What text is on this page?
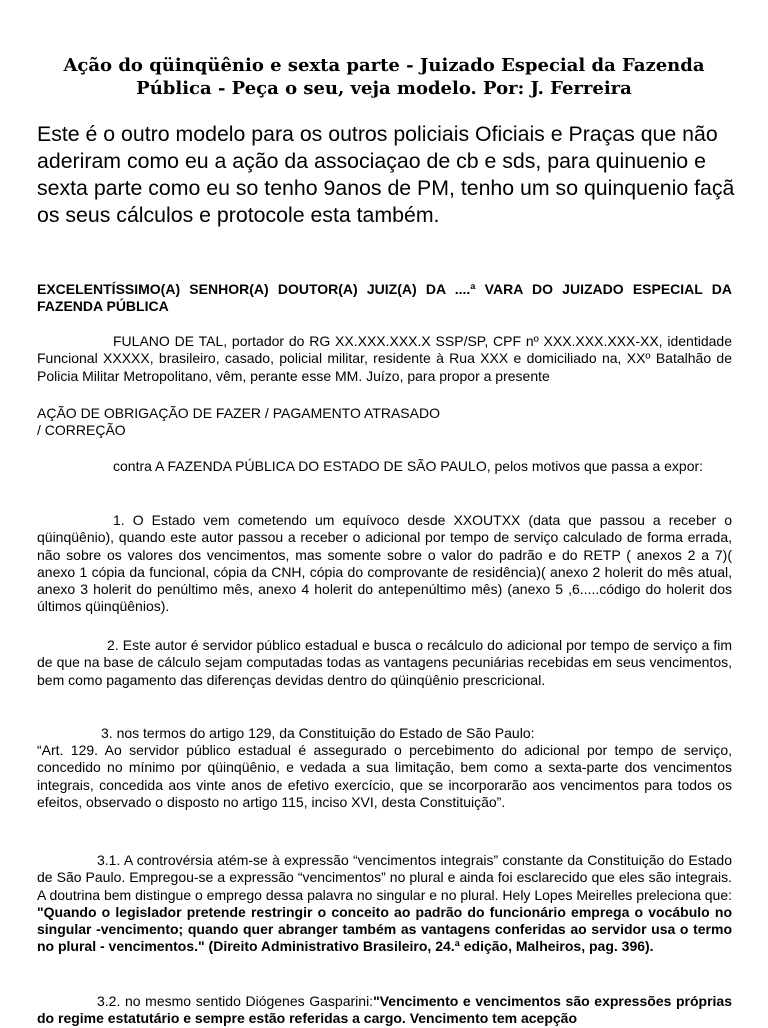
Ação do qüinqüênio e sexta parte - Juizado Especial da Fazenda Pública - Peça o seu, veja modelo. Por: J. Ferreira
Este é o outro modelo para os outros policiais Oficiais e Praças que não aderiram como eu a ação da associaçao de cb e sds, para quinuenio e sexta parte como eu so tenho 9anos de PM, tenho um so quinquenio façã os seus cálculos e protocole esta também.
EXCELENTÍSSIMO(A) SENHOR(A) DOUTOR(A) JUIZ(A) DA ....ª VARA DO JUIZADO ESPECIAL DA FAZENDA PÚBLICA
FULANO DE TAL, portador do RG XX.XXX.XXX.X SSP/SP, CPF nº XXX.XXX.XXX-XX, identidade Funcional XXXXX, brasileiro, casado, policial militar, residente à Rua XXX e domiciliado na, XXº Batalhão de Policia Militar Metropolitano, vêm, perante esse MM. Juízo, para propor a presente
AÇÃO DE OBRIGAÇÃO DE FAZER / PAGAMENTO ATRASADO
/ CORREÇÃO
contra A FAZENDA PÚBLICA DO ESTADO DE SÃO PAULO, pelos motivos que passa a expor:
1. O Estado vem cometendo um equívoco desde XXOUTXX (data que passou a receber o qüinqüênio), quando este autor passou a receber o adicional por tempo de serviço calculado de forma errada, não sobre os valores dos vencimentos, mas somente sobre o valor do padrão e do RETP ( anexos 2 a 7)( anexo 1 cópia da funcional, cópia da CNH, cópia do comprovante de residência)( anexo 2 holerit do mês atual, anexo 3 holerit do penúltimo mês, anexo 4 holerit do antepenúltimo mês) (anexo 5 ,6.....código do holerit dos últimos qüinqüênios).
2. Este autor é servidor público estadual e busca o recálculo do adicional por tempo de serviço a fim de que na base de cálculo sejam computadas todas as vantagens pecuniárias recebidas em seus vencimentos, bem como pagamento das diferenças devidas dentro do qüinqüênio prescricional.
3. nos termos do artigo 129, da Constituição do Estado de São Paulo:
“Art. 129. Ao servidor público estadual é assegurado o percebimento do adicional por tempo de serviço, concedido no mínimo por qüinqüênio, e vedada a sua limitação, bem como a sexta-parte dos vencimentos integrais, concedida aos vinte anos de efetivo exercício, que se incorporarão aos vencimentos para todos os efeitos, observado o disposto no artigo 115, inciso XVI, desta Constituição”.
3.1. A controvérsia atém-se à expressão “vencimentos integrais” constante da Constituição do Estado de São Paulo. Empregou-se a expressão “vencimentos” no plural e ainda foi esclarecido que eles são integrais. A doutrina bem distingue o emprego dessa palavra no singular e no plural. Hely Lopes Meirelles preleciona que: "Quando o legislador pretende restringir o conceito ao padrão do funcionário emprega o vocábulo no singular -vencimento; quando quer abranger também as vantagens conferidas ao servidor usa o termo no plural - vencimentos." (Direito Administrativo Brasileiro, 24.ª edição, Malheiros, pag. 396).
3.2. no mesmo sentido Diógenes Gasparini:"Vencimento e vencimentos são expressões próprias do regime estatutário e sempre estão referidas a cargo. Vencimento tem acepção
